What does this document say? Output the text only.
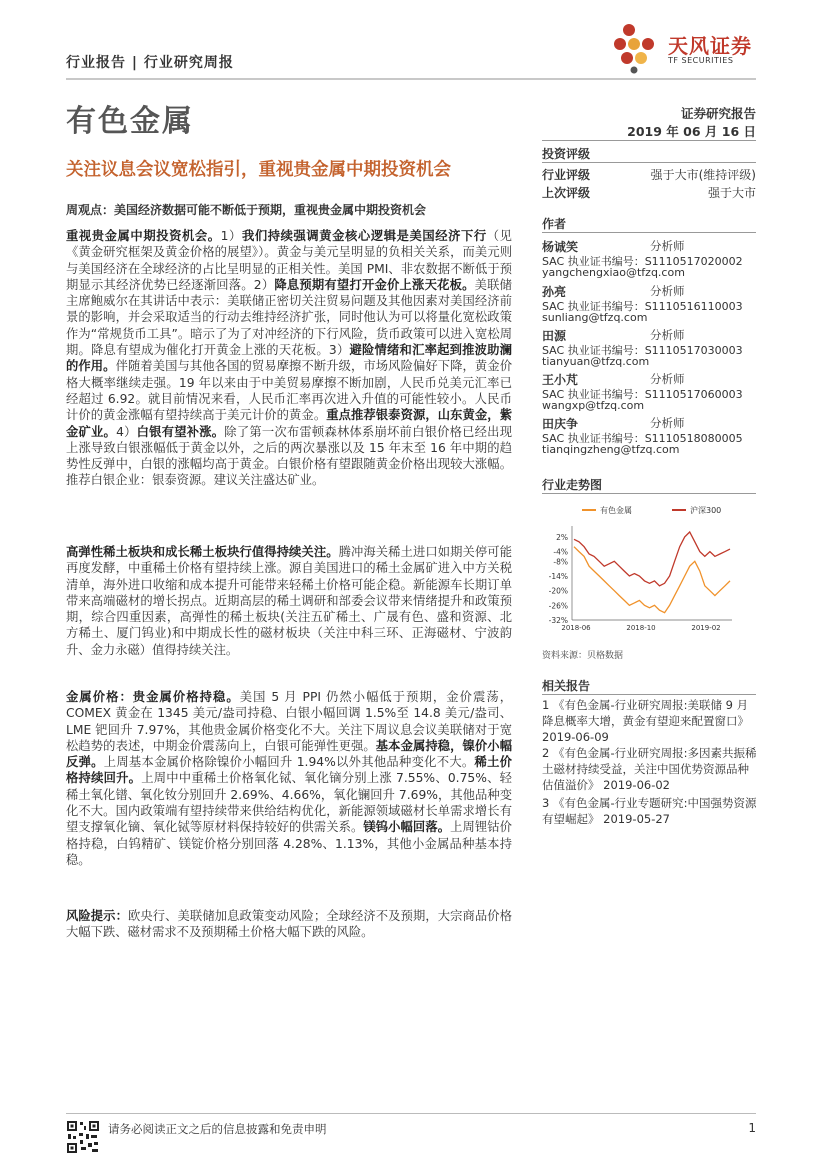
行业报告 | 行业研究周报
天风证券
TF SECURITIES
有色金属	证券研究报告
2019 年 06 月 16 日
关注议息会议宽松指引，重视贵金属中期投资机会
周观点：美国经济数据可能不断低于预期，重视贵金属中期投资机会
重视贵金属中期投资机会。1）我们持续强调黄金核心逻辑是美国经济下行（见《黄金研究框架及黄金价格的展望》）。黄金与美元呈明显的负相关关系，而美元则与美国经济在全球经济的占比呈明显的正相关性。美国 PMI、非农数据不断低于预期显示其经济优势已经逐渐回落。2）降息预期有望打开金价上涨天花板。美联储主席鲍威尔在其讲话中表示：美联储正密切关注贸易问题及其他因素对美国经济前景的影响，并会采取适当的行动去维持经济扩张，同时他认为可以将量化宽松政策作为“常规货币工具”。暗示了为了对冲经济的下行风险，货币政策可以进入宽松周期。降息有望成为催化打开黄金上涨的天花板。3）避险情绪和汇率起到推波助澜的作用。伴随着美国与其他各国的贸易摩擦不断升级，市场风险偏好下降，黄金价格大概率继续走强。19 年以来由于中美贸易摩擦不断加剧，人民币兑美元汇率已经超过 6.92。就目前情况来看，人民币汇率再次进入升值的可能性较小。人民币计价的黄金涨幅有望持续高于美元计价的黄金。重点推荐银泰资源，山东黄金，紫金矿业。4）白银有望补涨。除了第一次布雷顿森林体系崩坏前白银价格已经出现上涨导致白银涨幅低于黄金以外，之后的两次暴涨以及 15 年末至 16 年中期的趋势性反弹中，白银的涨幅均高于黄金。白银价格有望跟随黄金价格出现较大涨幅。推荐白银企业：银泰资源。建议关注盛达矿业。
高弹性稀土板块和成长稀土板块行值得持续关注。腾冲海关稀土进口如期关停可能再度发酵，中重稀土价格有望持续上涨。源自美国进口的稀土金属矿进入中方关税清单，海外进口收缩和成本提升可能带来轻稀土价格可能企稳。新能源车长期订单带来高端磁材的增长拐点。近期高层的稀土调研和部委会议带来情绪提升和政策预期，综合四重因素，高弹性的稀土板块(关注五矿稀土、广晟有色、盛和资源、北方稀土、厦门钨业)和中期成长性的磁材板块（关注中科三环、正海磁材、宁波韵升、金力永磁）值得持续关注。
金属价格：贵金属价格持稳。美国 5 月 PPI 仍然小幅低于预期，金价震荡，COMEX 黄金在 1345 美元/盎司持稳、白银小幅回调 1.5%至 14.8 美元/盎司、LME 钯回升 7.97%，其他贵金属价格变化不大。关注下周议息会议美联储对于宽松趋势的表述，中期金价震荡向上，白银可能弹性更强。基本金属持稳，镍价小幅反弹。上周基本金属价格除镍价小幅回升 1.94%以外其他品种变化不大。稀土价格持续回升。上周中中重稀土价格氧化铽、氧化镝分别上涨 7.55%、0.75%、轻稀土氧化镨、氧化钕分别回升 2.69%、4.66%，氧化镧回升 7.69%，其他品种变化不大。国内政策端有望持续带来供给结构优化，新能源领域磁材长单需求增长有望支撑氧化镝、氧化铽等原材料保持较好的供需关系。镁钨小幅回落。上周锂钴价格持稳，白钨精矿、镁锭价格分别回落 4.28%、1.13%，其他小金属品种基本持稳。
风险提示：欧央行、美联储加息政策变动风险；全球经济不及预期，大宗商品价格大幅下跌、磁材需求不及预期稀土价格大幅下跌的风险。
投资评级
行业评级	强于大市(维持评级)
上次评级	强于大市
作者
杨诚笑	分析师
SAC 执业证书编号：S1110517020002
yangchengxiao@tfzq.com
孙亮	分析师
SAC 执业证书编号：S1110516110003
sunliang@tfzq.com
田源	分析师
SAC 执业证书编号：S1110517030003
tianyuan@tfzq.com
王小芃	分析师
SAC 执业证书编号：S1110517060003
wangxp@tfzq.com
田庆争	分析师
SAC 执业证书编号：S1110518080005
tianqingzheng@tfzq.com
行业走势图
有色金属	沪深300
2%
-4%
-8%
-14%
-20%
-26%
-32%
2018-06	2018-10	2019-02
资料来源：贝格数据
相关报告
1 《有色金属-行业研究周报:美联储 9 月降息概率大增，黄金有望迎来配置窗口》 2019-06-09
2 《有色金属-行业研究周报:多因素共振稀土磁材持续受益，关注中国优势资源品种估值溢价》 2019-06-02
3 《有色金属-行业专题研究:中国强势资源有望崛起》 2019-05-27
请务必阅读正文之后的信息披露和免责申明	1
